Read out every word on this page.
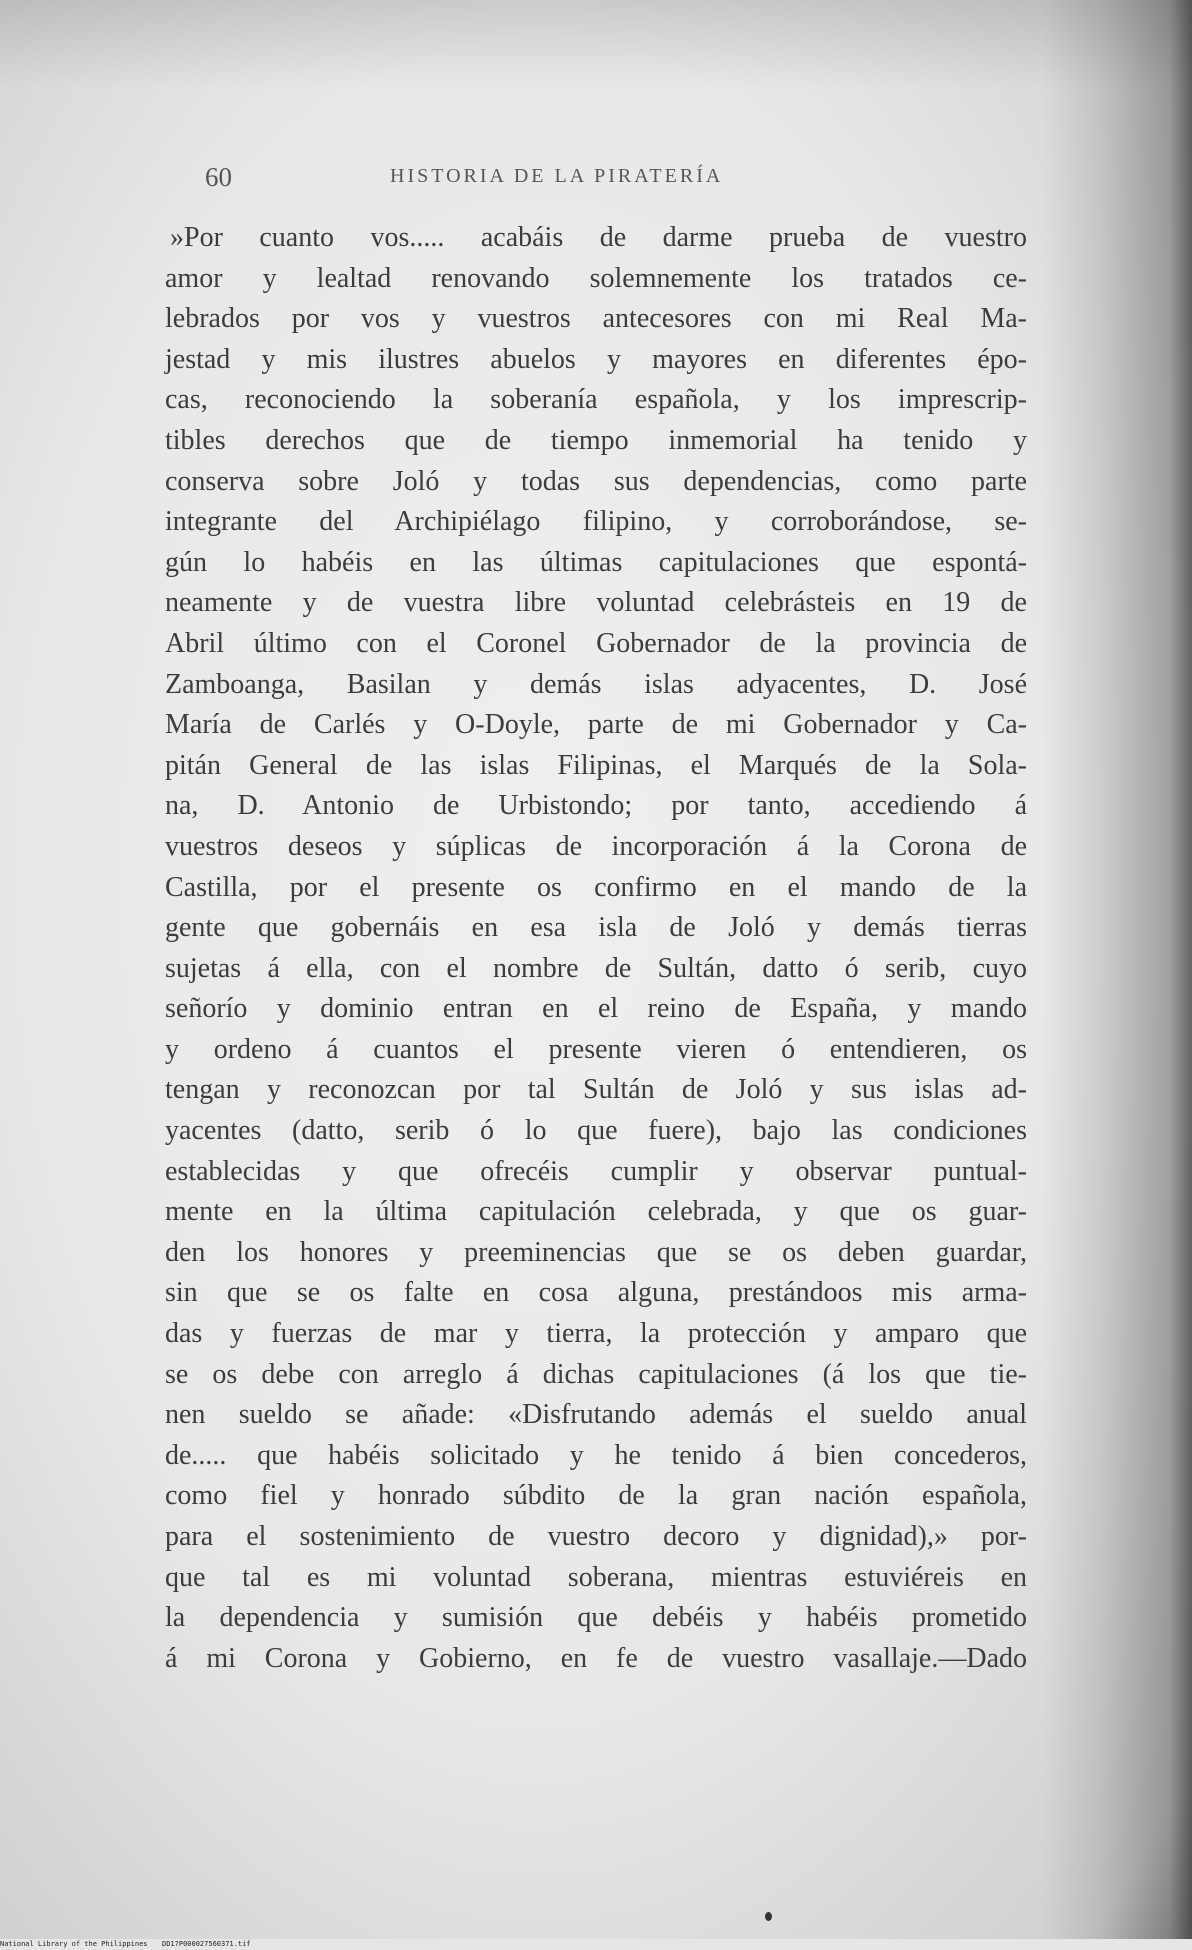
60	HISTORIA DE LA PIRATERÍA
»Por cuanto vos..... acabáis de darme prueba de vuestro
amor y lealtad renovando solemnemente los tratados ce-
lebrados por vos y vuestros antecesores con mi Real Ma-
jestad y mis ilustres abuelos y mayores en diferentes épo-
cas, reconociendo la soberanía española, y los imprescrip-
tibles derechos que de tiempo inmemorial ha tenido y
conserva sobre Joló y todas sus dependencias, como parte
integrante del Archipiélago filipino, y corroborándose, se-
gún lo habéis en las últimas capitulaciones que espontá-
neamente y de vuestra libre voluntad celebrásteis en 19 de
Abril último con el Coronel Gobernador de la provincia de
Zamboanga, Basilan y demás islas adyacentes, D. José
María de Carlés y O-Doyle, parte de mi Gobernador y Ca-
pitán General de las islas Filipinas, el Marqués de la Sola-
na, D. Antonio de Urbistondo; por tanto, accediendo á
vuestros deseos y súplicas de incorporación á la Corona de
Castilla, por el presente os confirmo en el mando de la
gente que gobernáis en esa isla de Joló y demás tierras
sujetas á ella, con el nombre de Sultán, datto ó serib, cuyo
señorío y dominio entran en el reino de España, y mando
y ordeno á cuantos el presente vieren ó entendieren, os
tengan y reconozcan por tal Sultán de Joló y sus islas ad-
yacentes (datto, serib ó lo que fuere), bajo las condiciones
establecidas y que ofrecéis cumplir y observar puntual-
mente en la última capitulación celebrada, y que os guar-
den los honores y preeminencias que se os deben guardar,
sin que se os falte en cosa alguna, prestándoos mis arma-
das y fuerzas de mar y tierra, la protección y amparo que
se os debe con arreglo á dichas capitulaciones (á los que tie-
nen sueldo se añade: «Disfrutando además el sueldo anual
de..... que habéis solicitado y he tenido á bien concederos,
como fiel y honrado súbdito de la gran nación española,
para el sostenimiento de vuestro decoro y dignidad),» por-
que tal es mi voluntad soberana, mientras estuviéreis en
la dependencia y sumisión que debéis y habéis prometido
á mi Corona y Gobierno, en fe de vuestro vasallaje.—Dado
National Library of the Philippines DD17P000027560371.tif
